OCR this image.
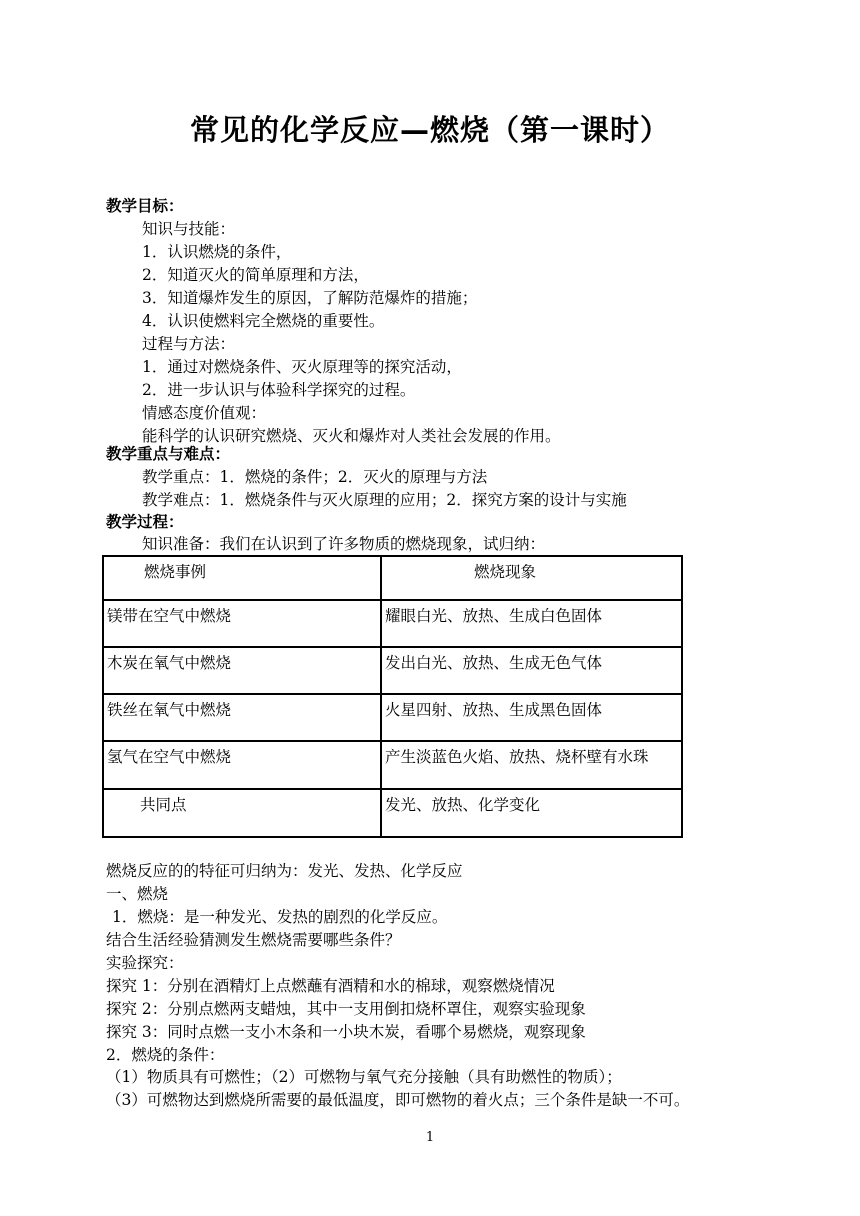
常见的化学反应—燃烧（第一课时）
教学目标：
知识与技能：
1．认识燃烧的条件，
2．知道灭火的简单原理和方法，
3．知道爆炸发生的原因，了解防范爆炸的措施；
4．认识使燃料完全燃烧的重要性。
过程与方法：
1．通过对燃烧条件、灭火原理等的探究活动，
2．进一步认识与体验科学探究的过程。
情感态度价值观：
能科学的认识研究燃烧、灭火和爆炸对人类社会发展的作用。
教学重点与难点：
教学重点：1．燃烧的条件；2．灭火的原理与方法
教学难点：1．燃烧条件与灭火原理的应用；2．探究方案的设计与实施
教学过程：
知识准备：我们在认识到了许多物质的燃烧现象，试归纳：
燃烧事例	燃烧现象
镁带在空气中燃烧	耀眼白光、放热、生成白色固体
木炭在氧气中燃烧	发出白光、放热、生成无色气体
铁丝在氧气中燃烧	火星四射、放热、生成黑色固体
氢气在空气中燃烧	产生淡蓝色火焰、放热、烧杯壁有水珠
共同点	发光、放热、化学变化
燃烧反应的的特征可归纳为：发光、发热、化学反应
一、燃烧
1．燃烧：是一种发光、发热的剧烈的化学反应。
结合生活经验猜测发生燃烧需要哪些条件？
实验探究：
探究 1：分别在酒精灯上点燃蘸有酒精和水的棉球，观察燃烧情况
探究 2：分别点燃两支蜡烛，其中一支用倒扣烧杯罩住，观察实验现象
探究 3：同时点燃一支小木条和一小块木炭，看哪个易燃烧，观察现象
2．燃烧的条件：
（1）物质具有可燃性；（2）可燃物与氧气充分接触（具有助燃性的物质）；
（3）可燃物达到燃烧所需要的最低温度，即可燃物的着火点；三个条件是缺一不可。
1
